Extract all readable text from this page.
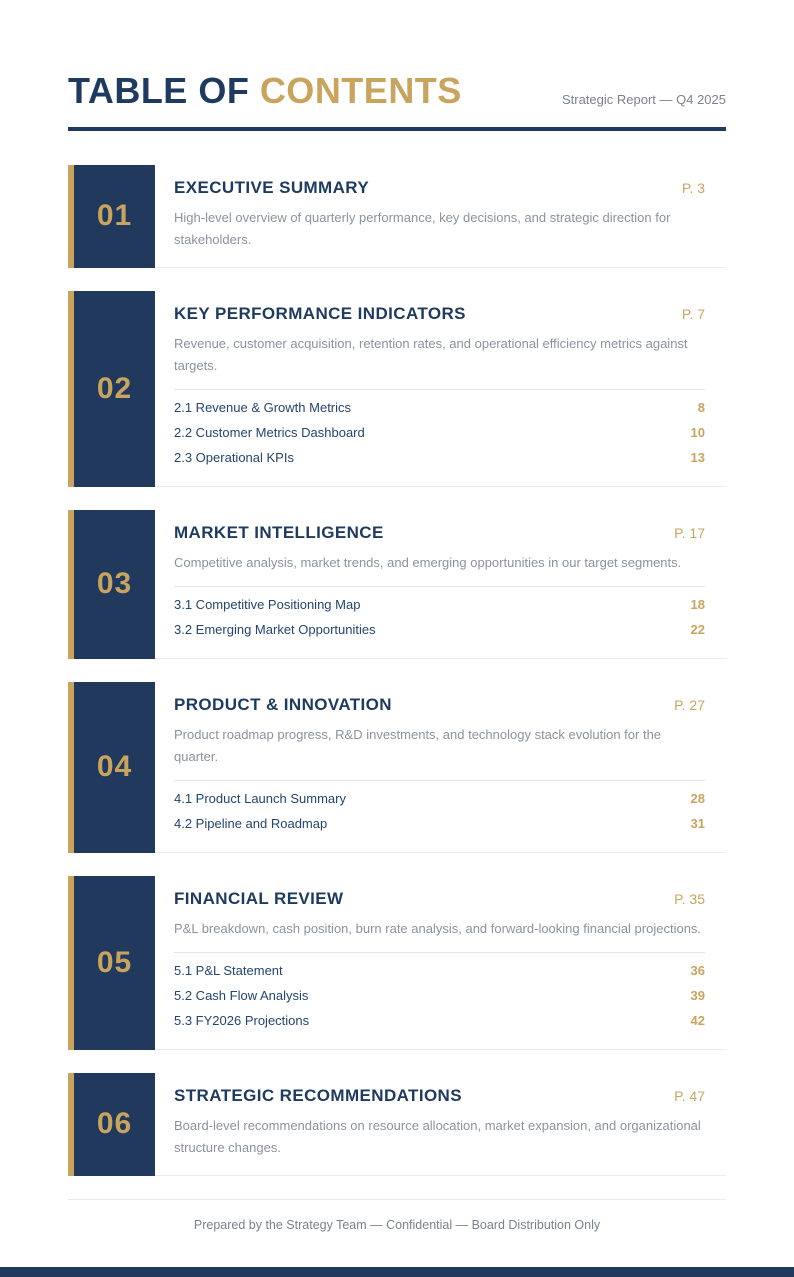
TABLE OF CONTENTS	Strategic Report — Q4 2025
01
EXECUTIVE SUMMARY	P. 3
High-level overview of quarterly performance, key decisions, and strategic direction for stakeholders.
02
KEY PERFORMANCE INDICATORS	P. 7
Revenue, customer acquisition, retention rates, and operational efficiency metrics against targets.
2.1 Revenue & Growth Metrics	8
2.2 Customer Metrics Dashboard	10
2.3 Operational KPIs	13
03
MARKET INTELLIGENCE	P. 17
Competitive analysis, market trends, and emerging opportunities in our target segments.
3.1 Competitive Positioning Map	18
3.2 Emerging Market Opportunities	22
04
PRODUCT & INNOVATION	P. 27
Product roadmap progress, R&D investments, and technology stack evolution for the quarter.
4.1 Product Launch Summary	28
4.2 Pipeline and Roadmap	31
05
FINANCIAL REVIEW	P. 35
P&L breakdown, cash position, burn rate analysis, and forward-looking financial projections.
5.1 P&L Statement	36
5.2 Cash Flow Analysis	39
5.3 FY2026 Projections	42
06
STRATEGIC RECOMMENDATIONS	P. 47
Board-level recommendations on resource allocation, market expansion, and organizational structure changes.
Prepared by the Strategy Team — Confidential — Board Distribution Only
